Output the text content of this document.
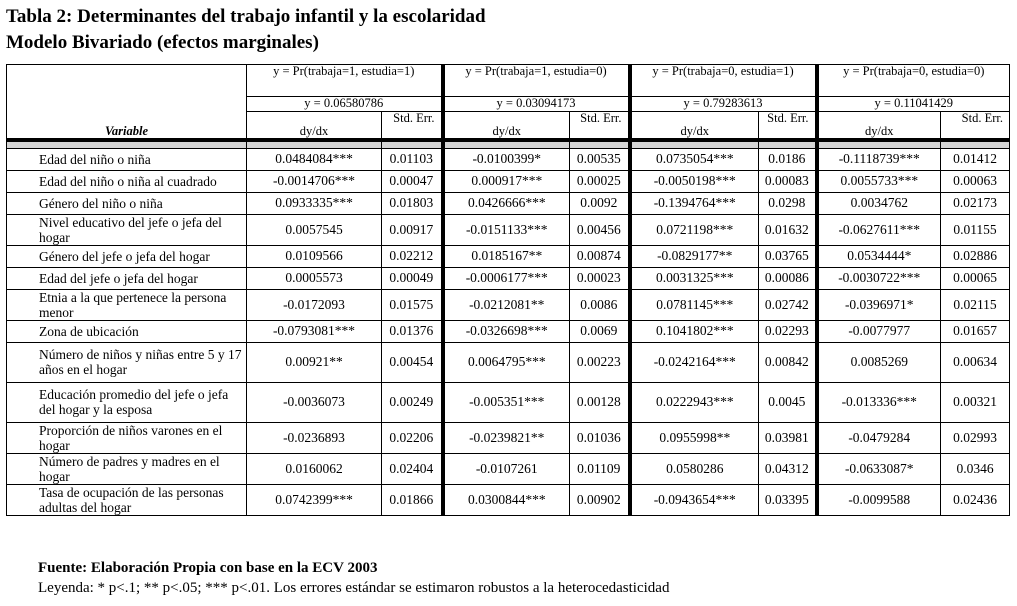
Tabla 2: Determinantes del trabajo infantil y la escolaridad
Modelo Bivariado (efectos marginales)
Variable	y = Pr(trabaja=1, estudia=1)		y = Pr(trabaja=1, estudia=0)		y = Pr(trabaja=0, estudia=1)		y = Pr(trabaja=0, estudia=0)	
	y = 0.06580786		y = 0.03094173		y = 0.79283613		y = 0.11041429	
	dy/dx	Std. Err.	dy/dx	Std. Err.	dy/dx	Std. Err.	dy/dx	Std. Err.

Edad del niño o niña	0.0484084***	0.01103	-0.0100399*	0.00535	0.0735054***	0.0186	-0.1118739***	0.01412
Edad del niño o niña al cuadrado	-0.0014706***	0.00047	0.000917***	0.00025	-0.0050198***	0.00083	0.0055733***	0.00063
Género del niño o niña	0.0933335***	0.01803	0.0426666***	0.0092	-0.1394764***	0.0298	0.0034762	0.02173
Nivel educativo del jefe o jefa del hogar	0.0057545	0.00917	-0.0151133***	0.00456	0.0721198***	0.01632	-0.0627611***	0.01155
Género del jefe o jefa del hogar	0.0109566	0.02212	0.0185167**	0.00874	-0.0829177**	0.03765	0.0534444*	0.02886
Edad del jefe o jefa del hogar	0.0005573	0.00049	-0.0006177***	0.00023	0.0031325***	0.00086	-0.0030722***	0.00065
Etnia a la que pertenece la persona menor	-0.0172093	0.01575	-0.0212081**	0.0086	0.0781145***	0.02742	-0.0396971*	0.02115
Zona de ubicación	-0.0793081***	0.01376	-0.0326698***	0.0069	0.1041802***	0.02293	-0.0077977	0.01657
Número de niños y niñas entre 5 y 17 años en el hogar	0.00921**	0.00454	0.0064795***	0.00223	-0.0242164***	0.00842	0.0085269	0.00634
Educación promedio del jefe o jefa del hogar y la esposa	-0.0036073	0.00249	-0.005351***	0.00128	0.0222943***	0.0045	-0.013336***	0.00321
Proporción de niños varones en el hogar	-0.0236893	0.02206	-0.0239821**	0.01036	0.0955998**	0.03981	-0.0479284	0.02993
Número de padres y madres en el hogar	0.0160062	0.02404	-0.0107261	0.01109	0.0580286	0.04312	-0.0633087*	0.0346
Tasa de ocupación de las personas adultas del hogar	0.0742399***	0.01866	0.0300844***	0.00902	-0.0943654***	0.03395	-0.0099588	0.02436
Fuente: Elaboración Propia con base en la ECV 2003
Leyenda: * p<.1; ** p<.05; *** p<.01. Los errores estándar se estimaron robustos a la heterocedasticidad
